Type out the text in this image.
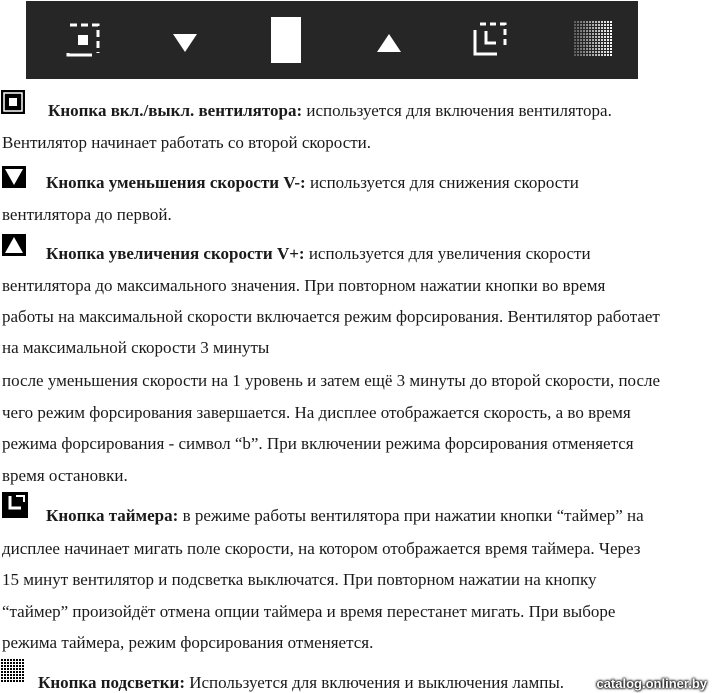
Кнопка вкл./выкл. вентилятора: используется для включения вентилятора.
Вентилятор начинает работать со второй скорости.
Кнопка уменьшения скорости V-: используется для снижения скорости
вентилятора до первой.
Кнопка увеличения скорости V+: используется для увеличения скорости
вентилятора до максимального значения. При повторном нажатии кнопки во время
работы на максимальной скорости включается режим форсирования. Вентилятор работает
на максимальной скорости 3 минуты
после уменьшения скорости на 1 уровень и затем ещё 3 минуты до второй скорости, после
чего режим форсирования завершается. На дисплее отображается скорость, а во время
режима форсирования - символ “b”. При включении режима форсирования отменяется
время остановки.
Кнопка таймера: в режиме работы вентилятора при нажатии кнопки “таймер” на
дисплее начинает мигать поле скорости, на котором отображается время таймера. Через
15 минут вентилятор и подсветка выключатся. При повторном нажатии на кнопку
“таймер” произойдёт отмена опции таймера и время перестанет мигать. При выборе
режима таймера, режим форсирования отменяется.
Кнопка подсветки: Используется для включения и выключения лампы. catalog.onliner.by
